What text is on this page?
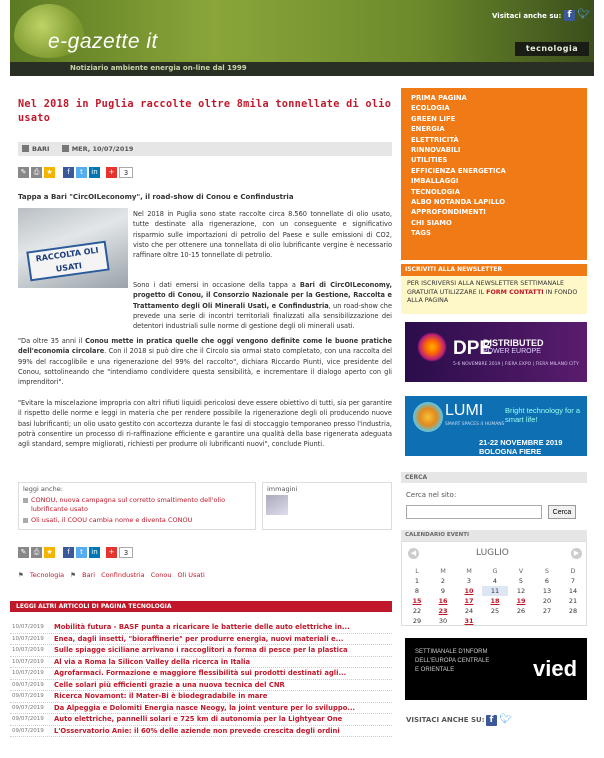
e-gazette it
Notiziario ambiente energia on-line dal 1999
Visitaci anche su: f 🐦︎
tecnologia
Nel 2018 in Puglia raccolte oltre 8mila tonnellate di olio usato
BARI	MER, 10/07/2019
✎	⎙	★	f	t	in	+	3
Tappa a Bari "CircOILeconomy", il road-show di Conou e Confindustria
RACCOLTA OLI USATI
Nel 2018 in Puglia sono state raccolte circa 8.560 tonnellate di olio usato, tutte destinate alla rigenerazione, con un conseguente e significativo risparmio sulle importazioni di petrolio del Paese e sulle emissioni di CO2, visto che per ottenere una tonnellata di olio lubrificante vergine è necessario raffinare oltre 10-15 tonnellate di petrolio.
Sono i dati emersi in occasione della tappa a Bari di CircOILeconomy, progetto di Conou, il Consorzio Nazionale per la Gestione, Raccolta e Trattamento degli Oli Minerali Usati, e Confindustria, un road-show che prevede una serie di incontri territoriali finalizzati alla sensibilizzazione dei detentori industriali sulle norme di gestione degli oli minerali usati.
"Da oltre 35 anni il Conou mette in pratica quelle che oggi vengono definite come le buone pratiche dell'economia circolare. Con il 2018 si può dire che il Circolo sia ormai stato completato, con una raccolta del 99% del raccoglibile e una rigenerazione del 99% del raccolto", dichiara Riccardo Piunti, vice presidente del Conou, sottolineando che "intendiamo condividere questa sensibilità, e incrementare il dialogo aperto con gli imprenditori".
"Evitare la miscelazione impropria con altri rifiuti liquidi pericolosi deve essere obiettivo di tutti, sia per garantire il rispetto delle norme e leggi in materia che per rendere possibile la rigenerazione degli oli producendo nuove basi lubrificanti; un olio usato gestito con accortezza durante le fasi di stoccaggio temporaneo presso l'industria, potrà consentire un processo di ri-raffinazione efficiente e garantire una qualità della base rigenerata adeguata agli standard, sempre migliorati, richiesti per produrre oli lubrificanti nuovi", conclude Piunti.
leggi anche:
CONOU, nuova campagna sul corretto smaltimento dell'olio lubrificante usato
Oli usati, il COOU cambia nome e diventa CONOU
immagini
✎	⎙	★	f	t	in	+	3
⚑ Tecnologia ⚑ Bari Confindustria Conou Oli Usati
LEGGI ALTRI ARTICOLI DI PAGINA TECNOLOGIA
10/07/2019	Mobilità futura - BASF punta a ricaricare le batterie delle auto elettriche in...
10/07/2019	Enea, dagli insetti, "bioraffinerie" per produrre energia, nuovi materiali e...
10/07/2019	Sulle spiagge siciliane arrivano i raccoglitori a forma di pesce per la plastica
10/07/2019	Al via a Roma la Silicon Valley della ricerca in Italia
10/07/2019	Agrofarmaci. Formazione e maggiore flessibilità sui prodotti destinati agli...
09/07/2019	Celle solari più efficienti grazie a una nuova tecnica del CNR
09/07/2019	Ricerca Novamont: il Mater-Bi è biodegradabile in mare
09/07/2019	Da Alpeggia e Dolomiti Energia nasce Neogy, la joint venture per lo sviluppo...
09/07/2019	Auto elettriche, pannelli solari e 725 km di autonomia per la Lightyear One
09/07/2019	L'Osservatorio Anie: il 60% delle aziende non prevede crescita degli ordini
PRIMA PAGINA
ECOLOGIA
GREEN LIFE
ENERGIA
ELETTRICITÀ
RINNOVABILI
UTILITIES
EFFICIENZA ENERGETICA
IMBALLAGGI
TECNOLOGIA
ALBO NOTANDA LAPILLO
APPROFONDIMENTI
CHI SIAMO
TAGS
ISCRIVITI ALLA NEWSLETTER
PER ISCRIVERSI ALLA NEWSLETTER SETTIMANALE GRATUITA UTILIZZARE IL FORM CONTATTI IN FONDO ALLA PAGINA
DPE
DISTRIBUTED
POWER EUROPE
5-6 NOVEMBRE 2019 | FIERA EXPO | FIERA MILANO CITY
LUMI
SMART SPACES 4 HUMANS
Bright technology for a smart life!
21-22 NOVEMBRE 2019 BOLOGNA FIERE
CERCA
Cerca nel sito:
Cerca
CALENDARIO EVENTI
◀	LUGLIO	▶
L	M	M	G	V	S	D
1	2	3	4	5	6	7
8	9	10	11	12	13	14
15	16	17	18	19	20	21
22	23	24	25	26	27	28
29	30	31				
SETTIMANALE D'INFORM
DELL'EUROPA CENTRALE
E ORIENTALE	vied
VISITACI ANCHE SU: f 🐦︎
